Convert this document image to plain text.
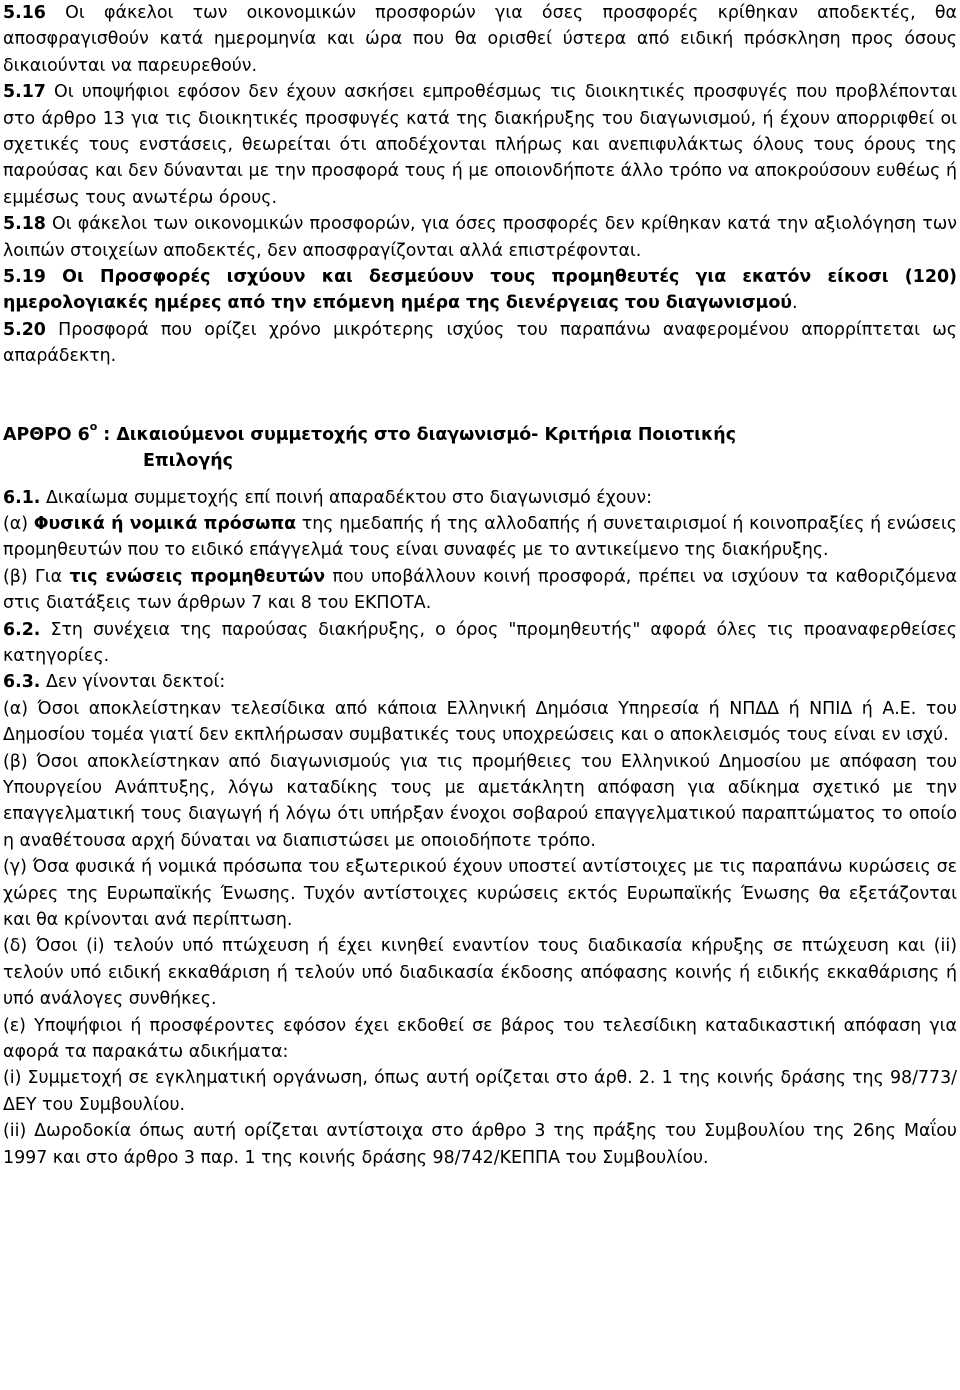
5.16 Οι φάκελοι των οικονομικών προσφορών για όσες προσφορές κρίθηκαν αποδεκτές, θα αποσφραγισθούν κατά ημερομηνία και ώρα που θα ορισθεί ύστερα από ειδική πρόσκληση προς όσους δικαιούνται να παρευρεθούν.

5.17 Οι υποψήφιοι εφόσον δεν έχουν ασκήσει εμπροθέσμως τις διοικητικές προσφυγές που προβλέπονται στο άρθρο 13 για τις διοικητικές προσφυγές κατά της διακήρυξης του διαγωνισμού, ή έχουν απορριφθεί οι σχετικές τους ενστάσεις, θεωρείται ότι αποδέχονται πλήρως και ανεπιφυλάκτως όλους τους όρους της παρούσας και δεν δύνανται με την προσφορά τους ή με οποιονδήποτε άλλο τρόπο να αποκρούσουν ευθέως ή εμμέσως τους ανωτέρω όρους.

5.18 Οι φάκελοι των οικονομικών προσφορών, για όσες προσφορές δεν κρίθηκαν κατά την αξιολόγηση των λοιπών στοιχείων αποδεκτές, δεν αποσφραγίζονται αλλά επιστρέφονται.

5.19 Οι Προσφορές ισχύουν και δεσμεύουν τους προμηθευτές για εκατόν είκοσι (120) ημερολογιακές ημέρες από την επόμενη ημέρα της διενέργειας του διαγωνισμού.

5.20 Προσφορά που ορίζει χρόνο μικρότερης ισχύος του παραπάνω αναφερομένου απορρίπτεται ως απαράδεκτη.

ΑΡΘΡΟ $6^o$ : Δικαιούμενοι συμμετοχής στο διαγωνισμό- Κριτήρια Ποιοτικής
Επιλογής

6.1. Δικαίωμα συμμετοχής επί ποινή απαραδέκτου στο διαγωνισμό έχουν:

(α) Φυσικά ή νομικά πρόσωπα της ημεδαπής ή της αλλοδαπής ή συνεταιρισμοί ή κοινοπραξίες ή ενώσεις προμηθευτών που το ειδικό επάγγελμά τους είναι συναφές με το αντικείμενο της διακήρυξης.

(β) Για τις ενώσεις προμηθευτών που υποβάλλουν κοινή προσφορά, πρέπει να ισχύουν τα καθοριζόμενα στις διατάξεις των άρθρων 7 και 8 του ΕΚΠΟΤΑ.

6.2. Στη συνέχεια της παρούσας διακήρυξης, ο όρος "προμηθευτής" αφορά όλες τις προαναφερθείσες κατηγορίες.

6.3. Δεν γίνονται δεκτοί:

(α) Όσοι αποκλείστηκαν τελεσίδικα από κάποια Ελληνική Δημόσια Υπηρεσία ή ΝΠΔΔ ή ΝΠΙΔ ή Α.Ε. του Δημοσίου τομέα γιατί δεν εκπλήρωσαν συμβατικές τους υποχρεώσεις και ο αποκλεισμός τους είναι εν ισχύ.

(β) Όσοι αποκλείστηκαν από διαγωνισμούς για τις προμήθειες του Ελληνικού Δημοσίου με απόφαση του Υπουργείου Ανάπτυξης, λόγω καταδίκης τους με αμετάκλητη απόφαση για αδίκημα σχετικό με την επαγγελματική τους διαγωγή ή λόγω ότι υπήρξαν ένοχοι σοβαρού επαγγελματικού παραπτώματος το οποίο η αναθέτουσα αρχή δύναται να διαπιστώσει με οποιοδήποτε τρόπο.

(γ) Όσα φυσικά ή νομικά πρόσωπα του εξωτερικού έχουν υποστεί αντίστοιχες με τις παραπάνω κυρώσεις σε χώρες της Ευρωπαϊκής Ένωσης. Τυχόν αντίστοιχες κυρώσεις εκτός Ευρωπαϊκής Ένωσης θα εξετάζονται και θα κρίνονται ανά περίπτωση.

(δ) Όσοι (i) τελούν υπό πτώχευση ή έχει κινηθεί εναντίον τους διαδικασία κήρυξης σε πτώχευση και (ii) τελούν υπό ειδική εκκαθάριση ή τελούν υπό διαδικασία έκδοσης απόφασης κοινής ή ειδικής εκκαθάρισης ή υπό ανάλογες συνθήκες.

(ε) Υποψήφιοι ή προσφέροντες εφόσον έχει εκδοθεί σε βάρος του τελεσίδικη καταδικαστική απόφαση για αφορά τα παρακάτω αδικήματα:

(i) Συμμετοχή σε εγκληματική οργάνωση, όπως αυτή ορίζεται στο άρθ. 2. 1 της κοινής δράσης της 98/773/ΔΕΥ του Συμβουλίου.

(ii) Δωροδοκία όπως αυτή ορίζεται αντίστοιχα στο άρθρο 3 της πράξης του Συμβουλίου της 26ης Μαΐου 1997 και στο άρθρο 3 παρ. 1 της κοινής δράσης 98/742/ΚΕΠΠΑ του Συμβουλίου.
